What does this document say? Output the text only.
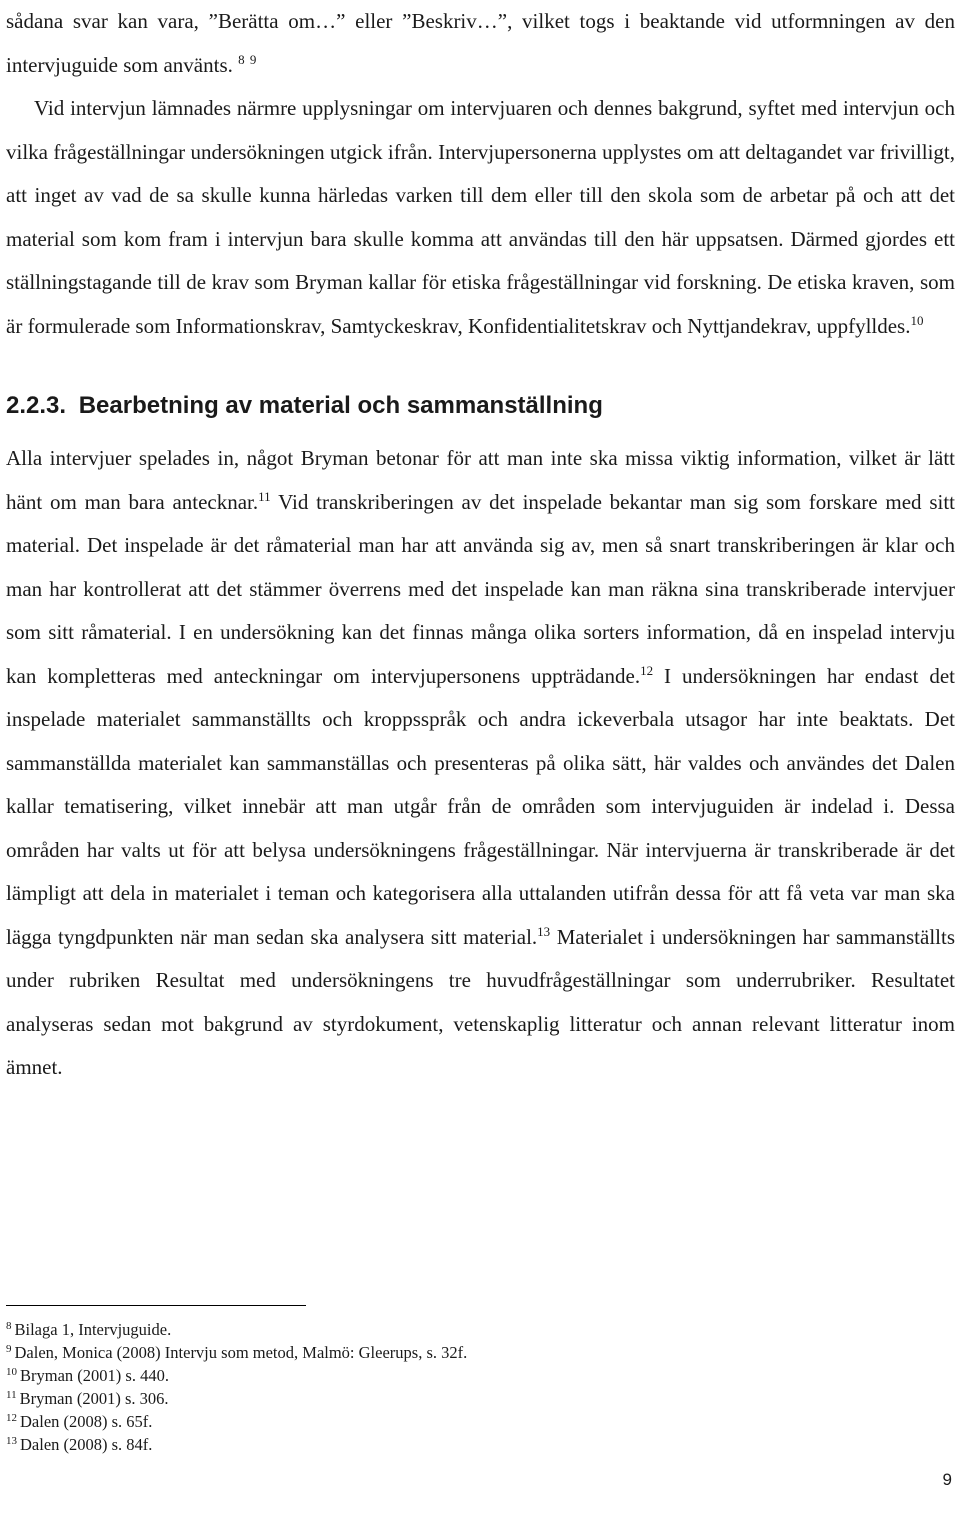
sådana svar kan vara, ”Berätta om…” eller ”Beskriv…”, vilket togs i beaktande vid utformningen av den intervjuguide som använts. $^8$ $^9$

Vid intervjun lämnades närmre upplysningar om intervjuaren och dennes bakgrund, syftet med intervjun och vilka frågeställningar undersökningen utgick ifrån. Intervjupersonerna upplystes om att deltagandet var frivilligt, att inget av vad de sa skulle kunna härledas varken till dem eller till den skola som de arbetar på och att det material som kom fram i intervjun bara skulle komma att användas till den här uppsatsen. Därmed gjordes ett ställningstagande till de krav som Bryman kallar för etiska frågeställningar vid forskning. De etiska kraven, som är formulerade som Informationskrav, Samtyckeskrav, Konfidentialitetskrav och Nyttjandekrav, uppfylldes.$^{10}$

2.2.3. Bearbetning av material och sammanställning

Alla intervjuer spelades in, något Bryman betonar för att man inte ska missa viktig information, vilket är lätt hänt om man bara antecknar.$^{11}$ Vid transkriberingen av det inspelade bekantar man sig som forskare med sitt material. Det inspelade är det råmaterial man har att använda sig av, men så snart transkriberingen är klar och man har kontrollerat att det stämmer överrens med det inspelade kan man räkna sina transkriberade intervjuer som sitt råmaterial. I en undersökning kan det finnas många olika sorters information, då en inspelad intervju kan kompletteras med anteckningar om intervjupersonens uppträdande.$^{12}$ I undersökningen har endast det inspelade materialet sammanställts och kroppsspråk och andra ickeverbala utsagor har inte beaktats. Det sammanställda materialet kan sammanställas och presenteras på olika sätt, här valdes och användes det Dalen kallar tematisering, vilket innebär att man utgår från de områden som intervjuguiden är indelad i. Dessa områden har valts ut för att belysa undersökningens frågeställningar. När intervjuerna är transkriberade är det lämpligt att dela in materialet i teman och kategorisera alla uttalanden utifrån dessa för att få veta var man ska lägga tyngdpunkten när man sedan ska analysera sitt material.$^{13}$ Materialet i undersökningen har sammanställts under rubriken Resultat med undersökningens tre huvudfrågeställningar som underrubriker. Resultatet analyseras sedan mot bakgrund av styrdokument, vetenskaplig litteratur och annan relevant litteratur inom ämnet.

$^8$ Bilaga 1, Intervjuguide.
$^9$ Dalen, Monica (2008) Intervju som metod, Malmö: Gleerups, s. 32f.
$^{10}$ Bryman (2001) s. 440.
$^{11}$ Bryman (2001) s. 306.
$^{12}$ Dalen (2008) s. 65f.
$^{13}$ Dalen (2008) s. 84f.
9
